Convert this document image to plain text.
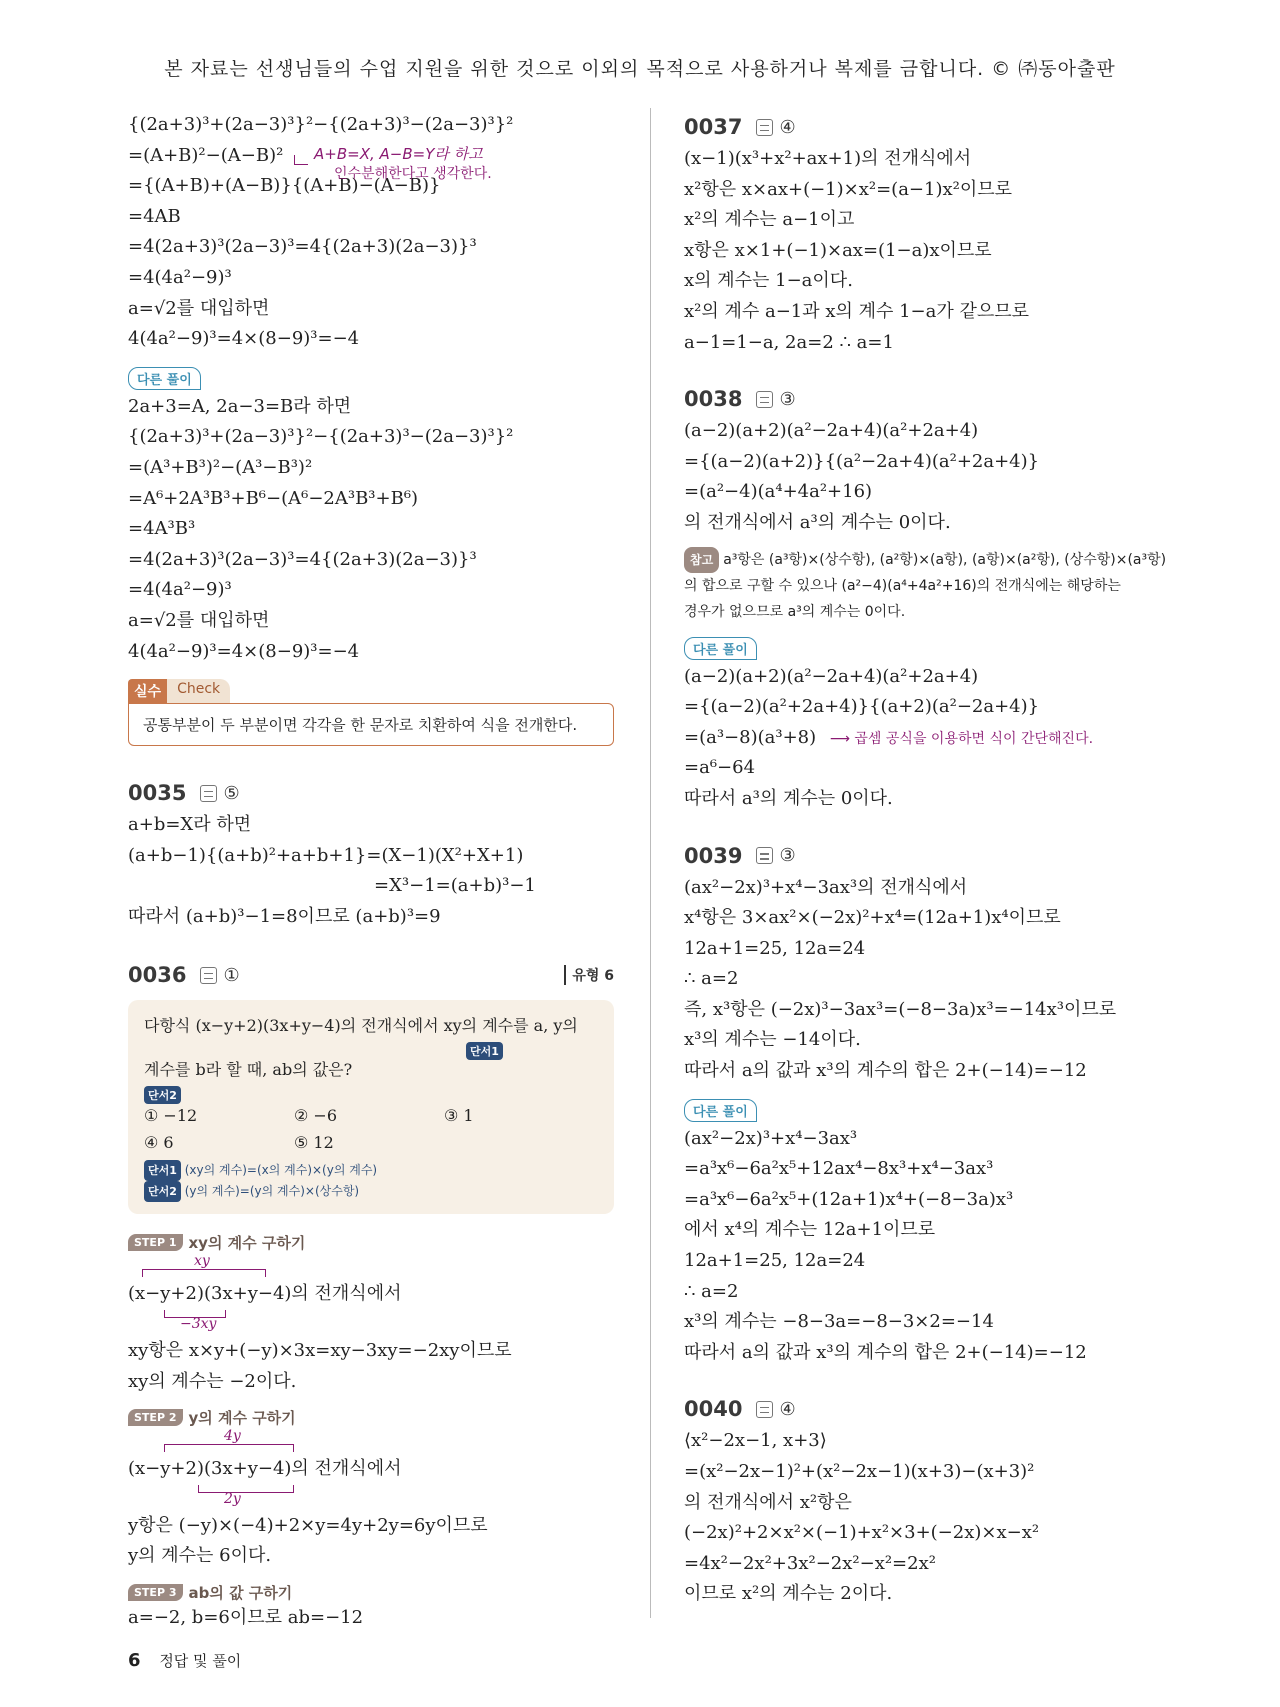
본 자료는 선생님들의 수업 지원을 위한 것으로 이외의 목적으로 사용하거나 복제를 금합니다. © ㈜동아출판
{(2a+3)³+(2a−3)³}²−{(2a+3)³−(2a−3)³}²
=(A+B)²−(A−B)² A+B=X, A−B=Y라 하고
인수분해한다고 생각한다.
={(A+B)+(A−B)}{(A+B)−(A−B)}
=4AB
=4(2a+3)³(2a−3)³=4{(2a+3)(2a−3)}³
=4(4a²−9)³
a=√2를 대입하면
4(4a²−9)³=4×(8−9)³=−4
다른 풀이
2a+3=A, 2a−3=B라 하면
{(2a+3)³+(2a−3)³}²−{(2a+3)³−(2a−3)³}²
=(A³+B³)²−(A³−B³)²
=A⁶+2A³B³+B⁶−(A⁶−2A³B³+B⁶)
=4A³B³
=4(2a+3)³(2a−3)³=4{(2a+3)(2a−3)}³
=4(4a²−9)³
a=√2를 대입하면
4(4a²−9)³=4×(8−9)³=−4
실수	Check
공통부분이 두 부분이면 각각을 한 문자로 치환하여 식을 전개한다.
0035 ⑤
a+b=X라 하면
(a+b−1){(a+b)²+a+b+1}=(X−1)(X²+X+1)
=X³−1=(a+b)³−1
따라서 (a+b)³−1=8이므로 (a+b)³=9
0036 ①	유형 6
다항식 (x−y+2)(3x+y−4)의 전개식에서 xy의 계수를 a, y의
단서1
계수를 b라 할 때, ab의 값은?
단서2
① −12	② −6	③ 1
④ 6	⑤ 12
단서1 (xy의 계수)=(x의 계수)×(y의 계수)
단서2 (y의 계수)=(y의 계수)×(상수항)
STEP 1 xy의 계수 구하기
xy
(x−y+2)(3x+y−4)의 전개식에서
−3xy
xy항은 x×y+(−y)×3x=xy−3xy=−2xy이므로
xy의 계수는 −2이다.
STEP 2 y의 계수 구하기
4y
(x−y+2)(3x+y−4)의 전개식에서
2y
y항은 (−y)×(−4)+2×y=4y+2y=6y이므로
y의 계수는 6이다.
STEP 3 ab의 값 구하기
a=−2, b=6이므로 ab=−12
0037 ④
(x−1)(x³+x²+ax+1)의 전개식에서
x²항은 x×ax+(−1)×x²=(a−1)x²이므로
x²의 계수는 a−1이고
x항은 x×1+(−1)×ax=(1−a)x이므로
x의 계수는 1−a이다.
x²의 계수 a−1과 x의 계수 1−a가 같으므로
a−1=1−a, 2a=2 ∴ a=1
0038 ③
(a−2)(a+2)(a²−2a+4)(a²+2a+4)
={(a−2)(a+2)}{(a²−2a+4)(a²+2a+4)}
=(a²−4)(a⁴+4a²+16)
의 전개식에서 a³의 계수는 0이다.
참고 a³항은 (a³항)×(상수항), (a²항)×(a항), (a항)×(a²항), (상수항)×(a³항)
의 합으로 구할 수 있으나 (a²−4)(a⁴+4a²+16)의 전개식에는 해당하는
경우가 없으므로 a³의 계수는 0이다.
다른 풀이
(a−2)(a+2)(a²−2a+4)(a²+2a+4)
={(a−2)(a²+2a+4)}{(a+2)(a²−2a+4)}
=(a³−8)(a³+8) ⟶ 곱셈 공식을 이용하면 식이 간단해진다.
=a⁶−64
따라서 a³의 계수는 0이다.
0039 ③
(ax²−2x)³+x⁴−3ax³의 전개식에서
x⁴항은 3×ax²×(−2x)²+x⁴=(12a+1)x⁴이므로
12a+1=25, 12a=24
∴ a=2
즉, x³항은 (−2x)³−3ax³=(−8−3a)x³=−14x³이므로
x³의 계수는 −14이다.
따라서 a의 값과 x³의 계수의 합은 2+(−14)=−12
다른 풀이
(ax²−2x)³+x⁴−3ax³
=a³x⁶−6a²x⁵+12ax⁴−8x³+x⁴−3ax³
=a³x⁶−6a²x⁵+(12a+1)x⁴+(−8−3a)x³
에서 x⁴의 계수는 12a+1이므로
12a+1=25, 12a=24
∴ a=2
x³의 계수는 −8−3a=−8−3×2=−14
따라서 a의 값과 x³의 계수의 합은 2+(−14)=−12
0040 ④
⟨x²−2x−1, x+3⟩
=(x²−2x−1)²+(x²−2x−1)(x+3)−(x+3)²
의 전개식에서 x²항은
(−2x)²+2×x²×(−1)+x²×3+(−2x)×x−x²
=4x²−2x²+3x²−2x²−x²=2x²
이므로 x²의 계수는 2이다.
6 정답 및 풀이
